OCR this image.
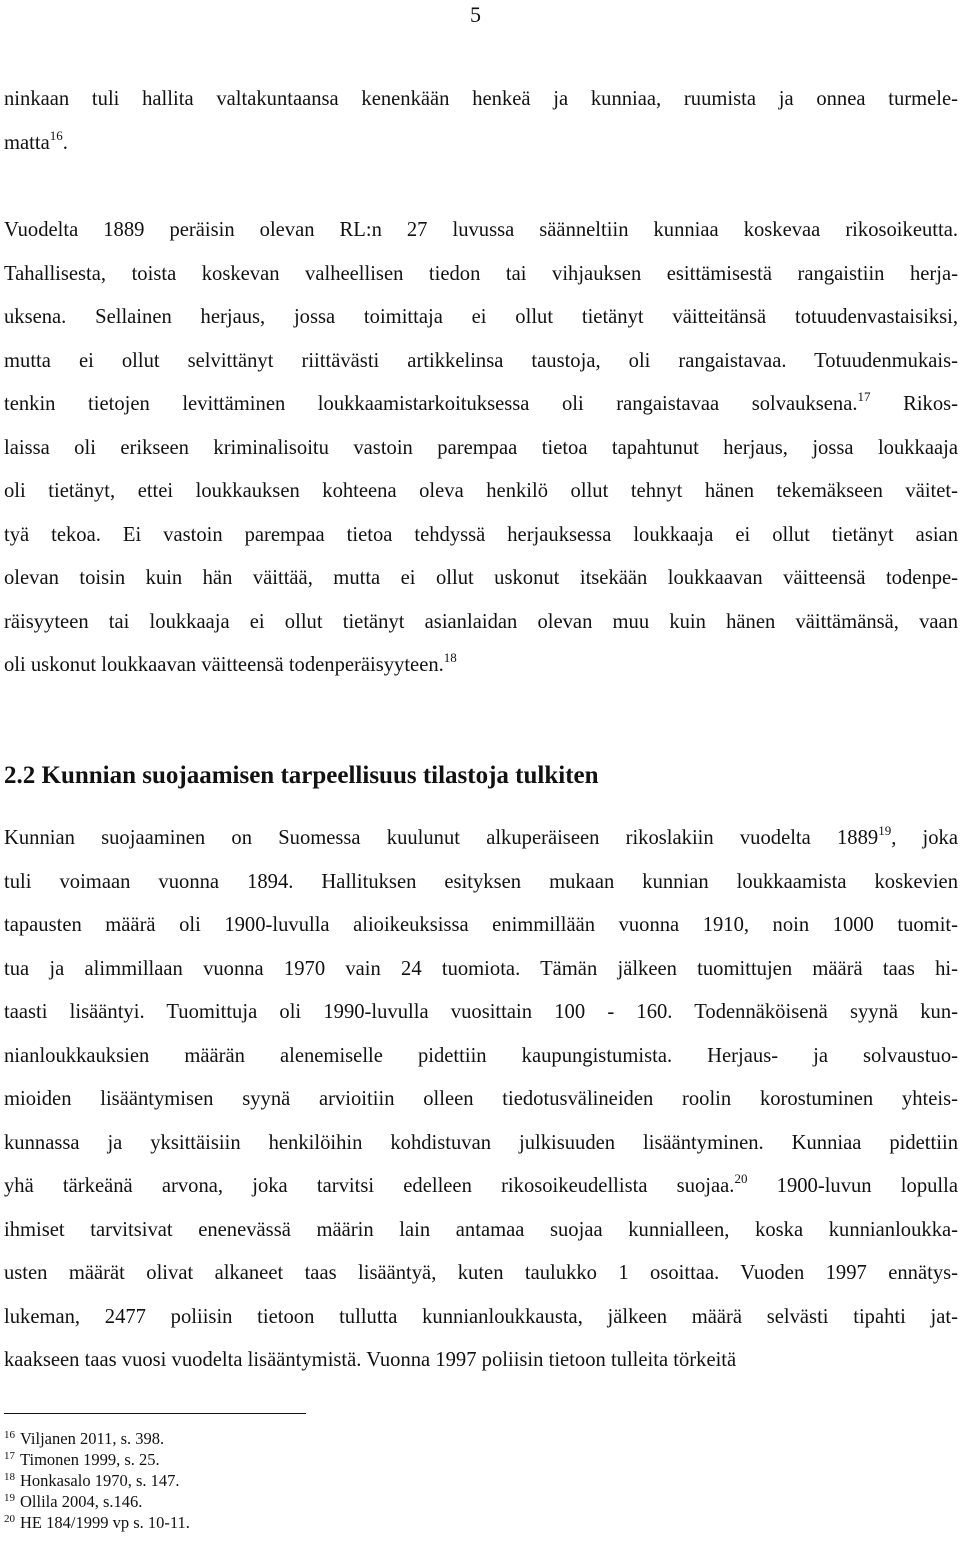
5
ninkaan tuli hallita valtakuntaansa kenenkään henkeä ja kunniaa, ruumista ja onnea turmele-
matta$^{16}$.
Vuodelta 1889 peräisin olevan RL:n 27 luvussa säänneltiin kunniaa koskevaa rikosoikeutta.
Tahallisesta, toista koskevan valheellisen tiedon tai vihjauksen esittämisestä rangaistiin herja-
uksena. Sellainen herjaus, jossa toimittaja ei ollut tietänyt väitteitänsä totuudenvastaisiksi,
mutta ei ollut selvittänyt riittävästi artikkelinsa taustoja, oli rangaistavaa. Totuudenmukais-
tenkin tietojen levittäminen loukkaamistarkoituksessa oli rangaistavaa solvauksena.$^{17}$ Rikos-
laissa oli erikseen kriminalisoitu vastoin parempaa tietoa tapahtunut herjaus, jossa loukkaaja
oli tietänyt, ettei loukkauksen kohteena oleva henkilö ollut tehnyt hänen tekemäkseen väitet-
tyä tekoa. Ei vastoin parempaa tietoa tehdyssä herjauksessa loukkaaja ei ollut tietänyt asian
olevan toisin kuin hän väittää, mutta ei ollut uskonut itsekään loukkaavan väitteensä todenpe-
räisyyteen tai loukkaaja ei ollut tietänyt asianlaidan olevan muu kuin hänen väittämänsä, vaan
oli uskonut loukkaavan väitteensä todenperäisyyteen.$^{18}$
2.2 Kunnian suojaamisen tarpeellisuus tilastoja tulkiten
Kunnian suojaaminen on Suomessa kuulunut alkuperäiseen rikoslakiin vuodelta 1889$^{19}$, joka
tuli voimaan vuonna 1894. Hallituksen esityksen mukaan kunnian loukkaamista koskevien
tapausten määrä oli 1900-luvulla alioikeuksissa enimmillään vuonna 1910, noin 1000 tuomit-
tua ja alimmillaan vuonna 1970 vain 24 tuomiota. Tämän jälkeen tuomittujen määrä taas hi-
taasti lisääntyi. Tuomittuja oli 1990-luvulla vuosittain 100 - 160. Todennäköisenä syynä kun-
nianloukkauksien määrän alenemiselle pidettiin kaupungistumista. Herjaus- ja solvaustuo-
mioiden lisääntymisen syynä arvioitiin olleen tiedotusvälineiden roolin korostuminen yhteis-
kunnassa ja yksittäisiin henkilöihin kohdistuvan julkisuuden lisääntyminen. Kunniaa pidettiin
yhä tärkeänä arvona, joka tarvitsi edelleen rikosoikeudellista suojaa.$^{20}$ 1900-luvun lopulla
ihmiset tarvitsivat enenevässä määrin lain antamaa suojaa kunnialleen, koska kunnianloukka-
usten määrät olivat alkaneet taas lisääntyä, kuten taulukko 1 osoittaa. Vuoden 1997 ennätys-
lukeman, 2477 poliisin tietoon tullutta kunnianloukkausta, jälkeen määrä selvästi tipahti jat-
kaakseen taas vuosi vuodelta lisääntymistä. Vuonna 1997 poliisin tietoon tulleita törkeitä
$^{16}$ Viljanen 2011, s. 398.
$^{17}$ Timonen 1999, s. 25.
$^{18}$ Honkasalo 1970, s. 147.
$^{19}$ Ollila 2004, s.146.
$^{20}$ HE 184/1999 vp s. 10-11.
